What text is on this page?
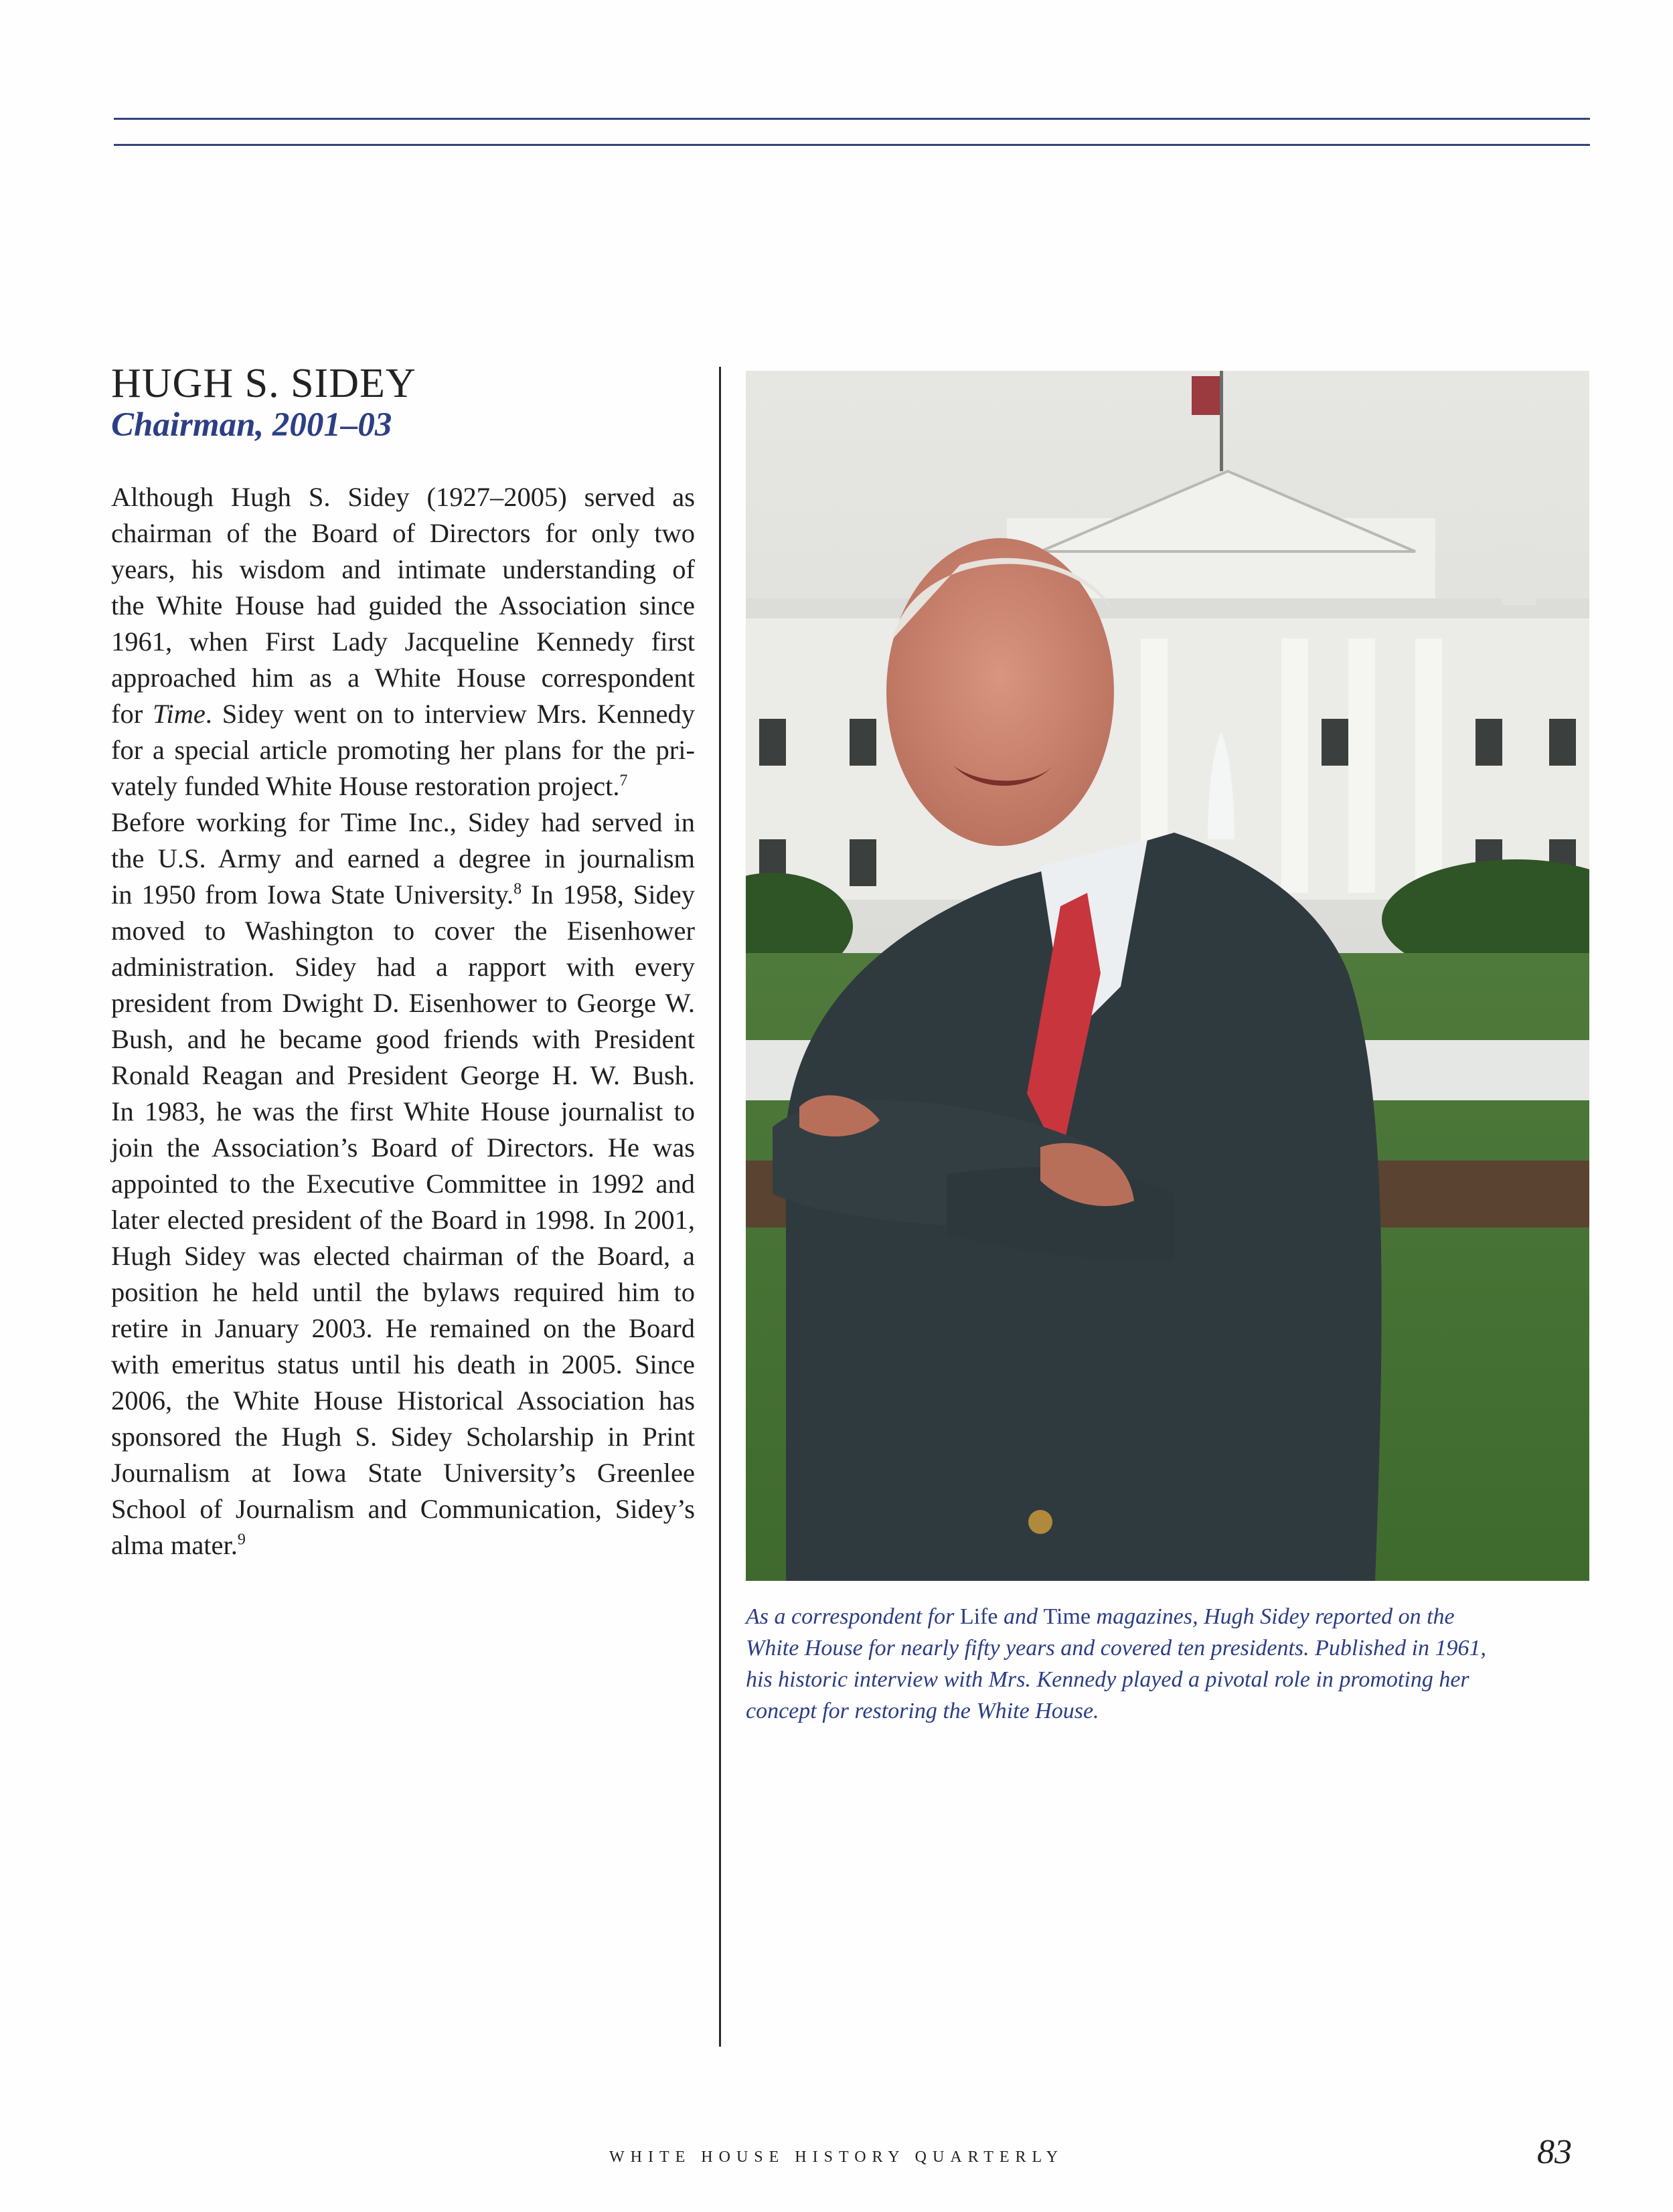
HUGH S. SIDEY
Chairman, 2001–03
Although Hugh S. Sidey (1927–2005) served as
chairman of the Board of Directors for only two
years, his wisdom and intimate understanding of
the White House had guided the Association since
1961, when First Lady Jacqueline Kennedy first
approached him as a White House correspondent
for Time. Sidey went on to interview Mrs. Kennedy
for a special article promoting her plans for the pri-
vately funded White House restoration project.$^7$
Before working for Time Inc., Sidey had served in
the U.S. Army and earned a degree in journalism
in 1950 from Iowa State University.$^8$ In 1958, Sidey
moved to Washington to cover the Eisenhower
administration. Sidey had a rapport with every
president from Dwight D. Eisenhower to George W.
Bush, and he became good friends with President
Ronald Reagan and President George H. W. Bush.
In 1983, he was the first White House journalist to
join the Association’s Board of Directors. He was
appointed to the Executive Committee in 1992 and
later elected president of the Board in 1998. In 2001,
Hugh Sidey was elected chairman of the Board, a
position he held until the bylaws required him to
retire in January 2003. He remained on the Board
with emeritus status until his death in 2005. Since
2006, the White House Historical Association has
sponsored the Hugh S. Sidey Scholarship in Print
Journalism at Iowa State University’s Greenlee
School of Journalism and Communication, Sidey’s
alma mater.$^9$
As a correspondent for Life and Time magazines, Hugh Sidey reported on the
White House for nearly fifty years and covered ten presidents. Published in 1961,
his historic interview with Mrs. Kennedy played a pivotal role in promoting her
concept for restoring the White House.

WHITE HOUSE HISTORY QUARTERLY	83
